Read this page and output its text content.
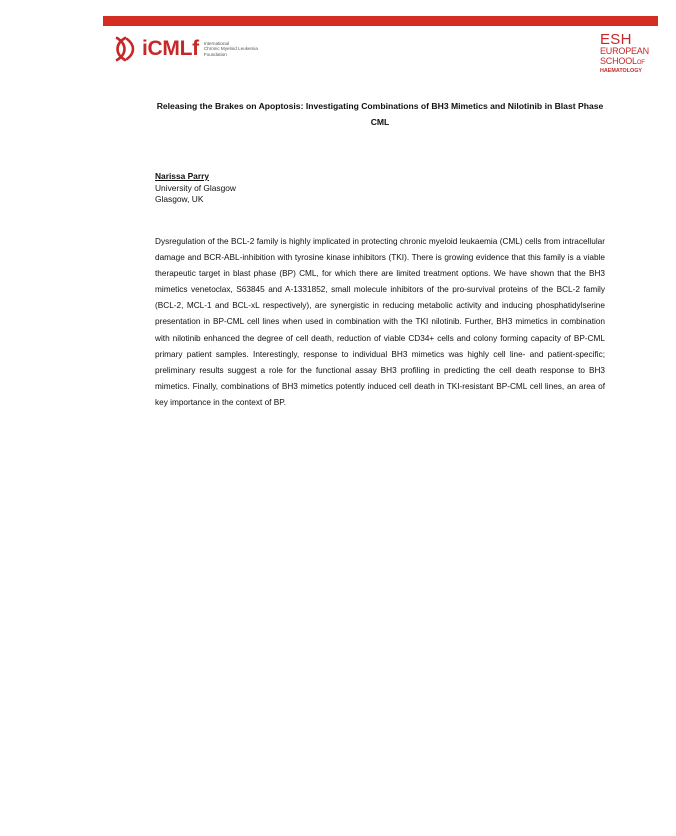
iCMLf International
Chronic Myeloid Leukemia
Foundation
ESH
EUROPEAN
SCHOOLOF
HAEMATOLOGY
Releasing the Brakes on Apoptosis: Investigating Combinations of BH3 Mimetics and Nilotinib in Blast Phase CML
Narissa Parry
University of Glasgow
Glasgow, UK
Dysregulation of the BCL-2 family is highly implicated in protecting chronic myeloid leukaemia (CML) cells from intracellular damage and BCR-ABL-inhibition with tyrosine kinase inhibitors (TKI). There is growing evidence that this family is a viable therapeutic target in blast phase (BP) CML, for which there are limited treatment options. We have shown that the BH3 mimetics venetoclax, S63845 and A-1331852, small molecule inhibitors of the pro-survival proteins of the BCL-2 family (BCL-2, MCL-1 and BCL-xL respectively), are synergistic in reducing metabolic activity and inducing phosphatidylserine presentation in BP-CML cell lines when used in combination with the TKI nilotinib. Further, BH3 mimetics in combination with nilotinib enhanced the degree of cell death, reduction of viable CD34+ cells and colony forming capacity of BP-CML primary patient samples. Interestingly, response to individual BH3 mimetics was highly cell line- and patient-specific; preliminary results suggest a role for the functional assay BH3 profiling in predicting the cell death response to BH3 mimetics. Finally, combinations of BH3 mimetics potently induced cell death in TKI-resistant BP-CML cell lines, an area of key importance in the context of BP.
